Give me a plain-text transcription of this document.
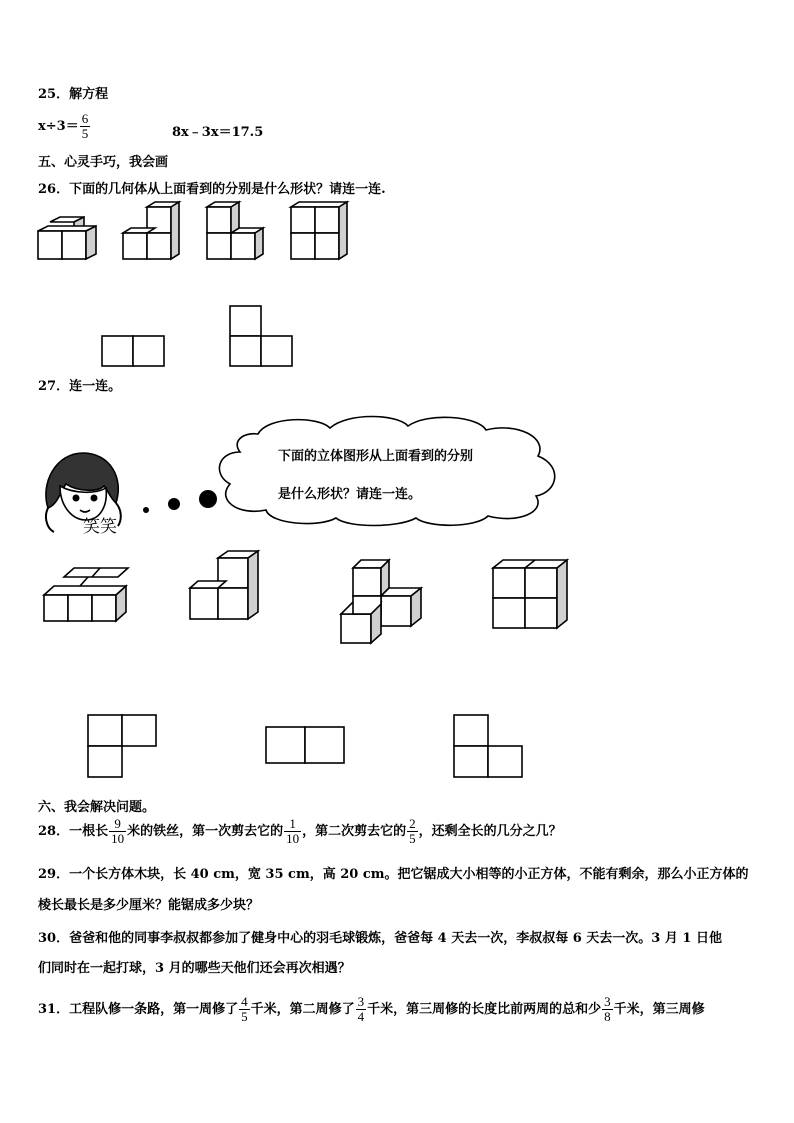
25．解方程
$x\div 3= \frac{6}{5}$	8x﹣3x＝17.5
五、心灵手巧，我会画
26．下面的几何体从上面看到的分别是什么形状？请连一连.
27．连一连。
笑笑
下面的立体图形从上面看到的分别
是什么形状？请连一连。
六、我会解决问题。
28．一根长 $\frac{9}{10}$ 米的铁丝，第一次剪去它的 $\frac{1}{10}$ ，第二次剪去它的 $\frac{2}{5}$ ，还剩全长的几分之几？
29．一个长方体木块，长 40 cm，宽 35 cm，高 20 cm。把它锯成大小相等的小正方体，不能有剩余，那么小正方体的
棱长最长是多少厘米？能锯成多少块？
30．爸爸和他的同事李叔叔都参加了健身中心的羽毛球锻炼，爸爸每 4 天去一次，李叔叔每 6 天去一次。3 月 1 日他
们同时在一起打球，3 月的哪些天他们还会再次相遇？
31．工程队修一条路，第一周修了 $\frac{4}{5}$ 千米，第二周修了 $\frac{3}{4}$ 千米，第三周修的长度比前两周的总和少 $\frac{3}{8}$ 千米，第三周修
